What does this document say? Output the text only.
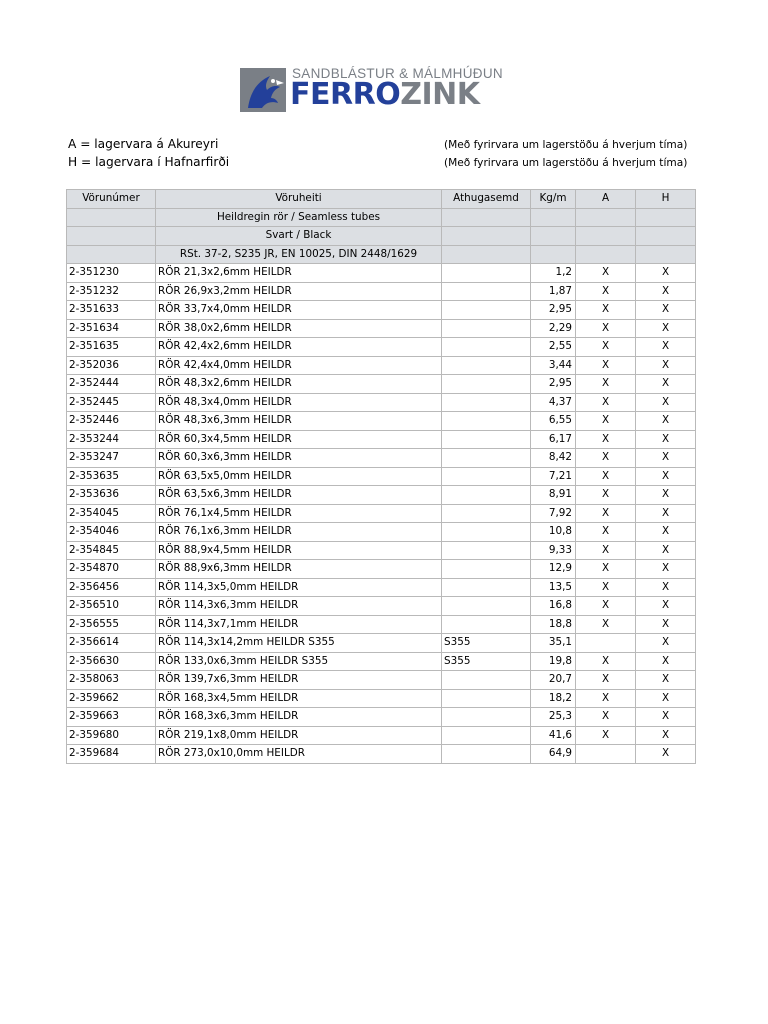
SANDBLÁSTUR & MÁLMHÚÐUN
FERROZINK
A = lagervara á Akureyri	(Með fyrirvara um lagerstöðu á hverjum tíma)
H = lagervara í Hafnarfirði	(Með fyrirvara um lagerstöðu á hverjum tíma)
Vörunúmer	Vöruheiti	Athugasemd	Kg/m	A	H
	Heildregin rör / Seamless tubes				
	Svart / Black				
	RSt. 37-2, S235 JR, EN 10025, DIN 2448/1629				
2-351230	RÖR 21,3x2,6mm HEILDR		1,2	X	X
2-351232	RÖR 26,9x3,2mm HEILDR		1,87	X	X
2-351633	RÖR 33,7x4,0mm HEILDR		2,95	X	X
2-351634	RÖR 38,0x2,6mm HEILDR		2,29	X	X
2-351635	RÖR 42,4x2,6mm HEILDR		2,55	X	X
2-352036	RÖR 42,4x4,0mm HEILDR		3,44	X	X
2-352444	RÖR 48,3x2,6mm HEILDR		2,95	X	X
2-352445	RÖR 48,3x4,0mm HEILDR		4,37	X	X
2-352446	RÖR 48,3x6,3mm HEILDR		6,55	X	X
2-353244	RÖR 60,3x4,5mm HEILDR		6,17	X	X
2-353247	RÖR 60,3x6,3mm HEILDR		8,42	X	X
2-353635	RÖR 63,5x5,0mm HEILDR		7,21	X	X
2-353636	RÖR 63,5x6,3mm HEILDR		8,91	X	X
2-354045	RÖR 76,1x4,5mm HEILDR		7,92	X	X
2-354046	RÖR 76,1x6,3mm HEILDR		10,8	X	X
2-354845	RÖR 88,9x4,5mm HEILDR		9,33	X	X
2-354870	RÖR 88,9x6,3mm HEILDR		12,9	X	X
2-356456	RÖR 114,3x5,0mm HEILDR		13,5	X	X
2-356510	RÖR 114,3x6,3mm HEILDR		16,8	X	X
2-356555	RÖR 114,3x7,1mm HEILDR		18,8	X	X
2-356614	RÖR 114,3x14,2mm HEILDR S355	S355	35,1		X
2-356630	RÖR 133,0x6,3mm HEILDR S355	S355	19,8	X	X
2-358063	RÖR 139,7x6,3mm HEILDR		20,7	X	X
2-359662	RÖR 168,3x4,5mm HEILDR		18,2	X	X
2-359663	RÖR 168,3x6,3mm HEILDR		25,3	X	X
2-359680	RÖR 219,1x8,0mm HEILDR		41,6	X	X
2-359684	RÖR 273,0x10,0mm HEILDR		64,9		X
